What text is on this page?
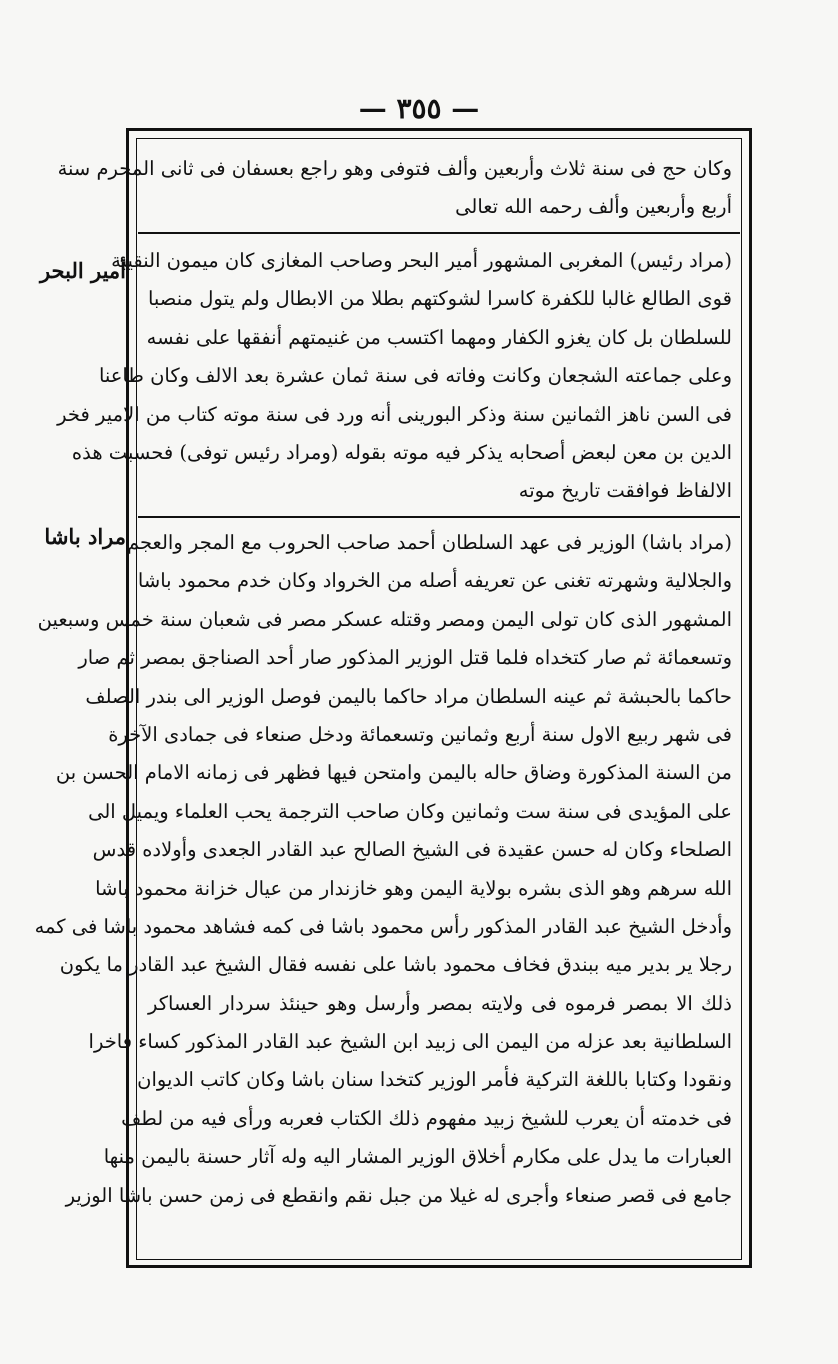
— ٣٥٥ —
أمير البحر
مراد باشا
وكان حج فى سنة ثلاث وأربعين وألف فتوفى وهو راجع بعسفان فى ثانى المحرم سنة
أربع وأربعين وألف رحمه الله تعالى
(مراد رئيس) المغربى المشهور أمير البحر وصاحب المغازى كان ميمون النقيبة
قوى الطالع غالبا للكفرة كاسرا لشوكتهم بطلا من الابطال ولم يتول منصبا
للسلطان بل كان يغزو الكفار ومهما اكتسب من غنيمتهم أنفقها على نفسه
وعلى جماعته الشجعان وكانت وفاته فى سنة ثمان عشرة بعد الالف وكان طاعنا
فى السن ناهز الثمانين سنة وذكر البورينى أنه ورد فى سنة موته كتاب من الامير فخر
الدين بن معن لبعض أصحابه يذكر فيه موته بقوله (ومراد رئيس توفى) فحسبت هذه
الالفاظ فوافقت تاريخ موته
(مراد باشا) الوزير فى عهد السلطان أحمد صاحب الحروب مع المجر والعجم
والجلالية وشهرته تغنى عن تعريفه أصله من الخرواد وكان خدم محمود باشا
المشهور الذى كان تولى اليمن ومصر وقتله عسكر مصر فى شعبان سنة خمس وسبعين
وتسعمائة ثم صار كتخداه فلما قتل الوزير المذكور صار أحد الصناجق بمصر ثم صار
حاكما بالحبشة ثم عينه السلطان مراد حاكما باليمن فوصل الوزير الى بندر الصلف
فى شهر ربيع الاول سنة أربع وثمانين وتسعمائة ودخل صنعاء فى جمادى الآخرة
من السنة المذكورة وضاق حاله باليمن وامتحن فيها فظهر فى زمانه الامام الحسن بن
على المؤيدى فى سنة ست وثمانين وكان صاحب الترجمة يحب العلماء ويميل الى
الصلحاء وكان له حسن عقيدة فى الشيخ الصالح عبد القادر الجعدى وأولاده قدس
الله سرهم وهو الذى بشره بولاية اليمن وهو خازندار من عيال خزانة محمود باشا
وأدخل الشيخ عبد القادر المذكور رأس محمود باشا فى كمه فشاهد محمود باشا فى كمه
رجلا ير بدير ميه ببندق فخاف محمود باشا على نفسه فقال الشيخ عبد القادر ما يكون
ذلك الا بمصر فرموه فى ولايته بمصر وأرسل وهو حينئذ سردار العساكر
السلطانية بعد عزله من اليمن الى زبيد ابن الشيخ عبد القادر المذكور كساء فاخرا
ونقودا وكتابا باللغة التركية فأمر الوزير كتخدا سنان باشا وكان كاتب الديوان
فى خدمته أن يعرب للشيخ زبيد مفهوم ذلك الكتاب فعربه ورأى فيه من لطف
العبارات ما يدل على مكارم أخلاق الوزير المشار اليه وله آثار حسنة باليمن منها
جامع فى قصر صنعاء وأجرى له غيلا من جبل نقم وانقطع فى زمن حسن باشا الوزير
